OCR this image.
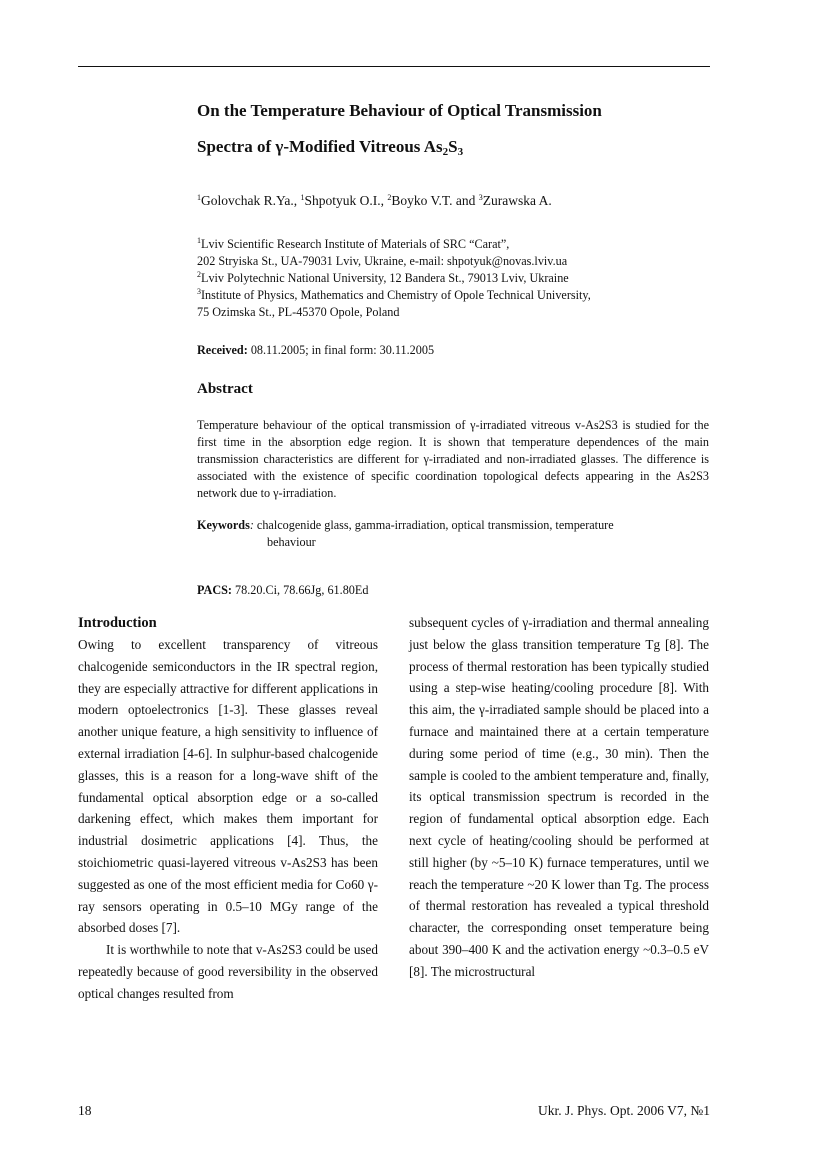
On the Temperature Behaviour of Optical Transmission
Spectra of γ-Modified Vitreous $As_2S_3$
$^1$Golovchak R.Ya., $^1$Shpotyuk O.I., $^2$Boyko V.T. and $^3$Zurawska A.
$^1$Lviv Scientific Research Institute of Materials of SRC “Carat”,
202 Stryiska St., UA-79031 Lviv, Ukraine, e-mail: shpotyuk@novas.lviv.ua
$^2$Lviv Polytechnic National University, 12 Bandera St., 79013 Lviv, Ukraine
$^3$Institute of Physics, Mathematics and Chemistry of Opole Technical University,
75 Ozimska St., PL-45370 Opole, Poland
Received: 08.11.2005; in final form: 30.11.2005
Abstract
Temperature behaviour of the optical transmission of γ-irradiated vitreous v-As2S3 is studied for the first time in the absorption edge region. It is shown that temperature dependences of the main transmission characteristics are different for γ-irradiated and non-irradiated glasses. The difference is associated with the existence of specific coordination topological defects appearing in the As2S3 network due to γ-irradiation.
Keywords: chalcogenide glass, gamma-irradiation, optical transmission, temperature
behaviour
PACS: 78.20.Ci, 78.66Jg, 61.80Ed
Introduction

Owing to excellent transparency of vitreous chalcogenide semiconductors in the IR spectral region, they are especially attractive for different applications in modern optoelectronics [1-3]. These glasses reveal another unique feature, a high sensitivity to influence of external irradiation [4-6]. In sulphur-based chalcogenide glasses, this is a reason for a long-wave shift of the fundamental optical absorption edge or a so-called darkening effect, which makes them important for industrial dosimetric applications [4]. Thus, the stoichiometric quasi-layered vitreous v-As2S3 has been suggested as one of the most efficient media for Co60 γ-ray sensors operating in 0.5–10 MGy range of the absorbed doses [7].

It is worthwhile to note that v-As2S3 could be used repeatedly because of good reversibility in the observed optical changes resulted from

subsequent cycles of γ-irradiation and thermal annealing just below the glass transition temperature Tg [8]. The process of thermal restoration has been typically studied using a step-wise heating/cooling procedure [8]. With this aim, the γ-irradiated sample should be placed into a furnace and maintained there at a certain temperature during some period of time (e.g., 30 min). Then the sample is cooled to the ambient temperature and, finally, its optical transmission spectrum is recorded in the region of fundamental optical absorption edge. Each next cycle of heating/cooling should be performed at still higher (by ~5–10 K) furnace temperatures, until we reach the temperature ~20 K lower than Tg. The process of thermal restoration has revealed a typical threshold character, the corresponding onset temperature being about 390–400 K and the activation energy ~0.3–0.5 eV [8]. The microstructural

18	Ukr. J. Phys. Opt. 2006 V7, №1
